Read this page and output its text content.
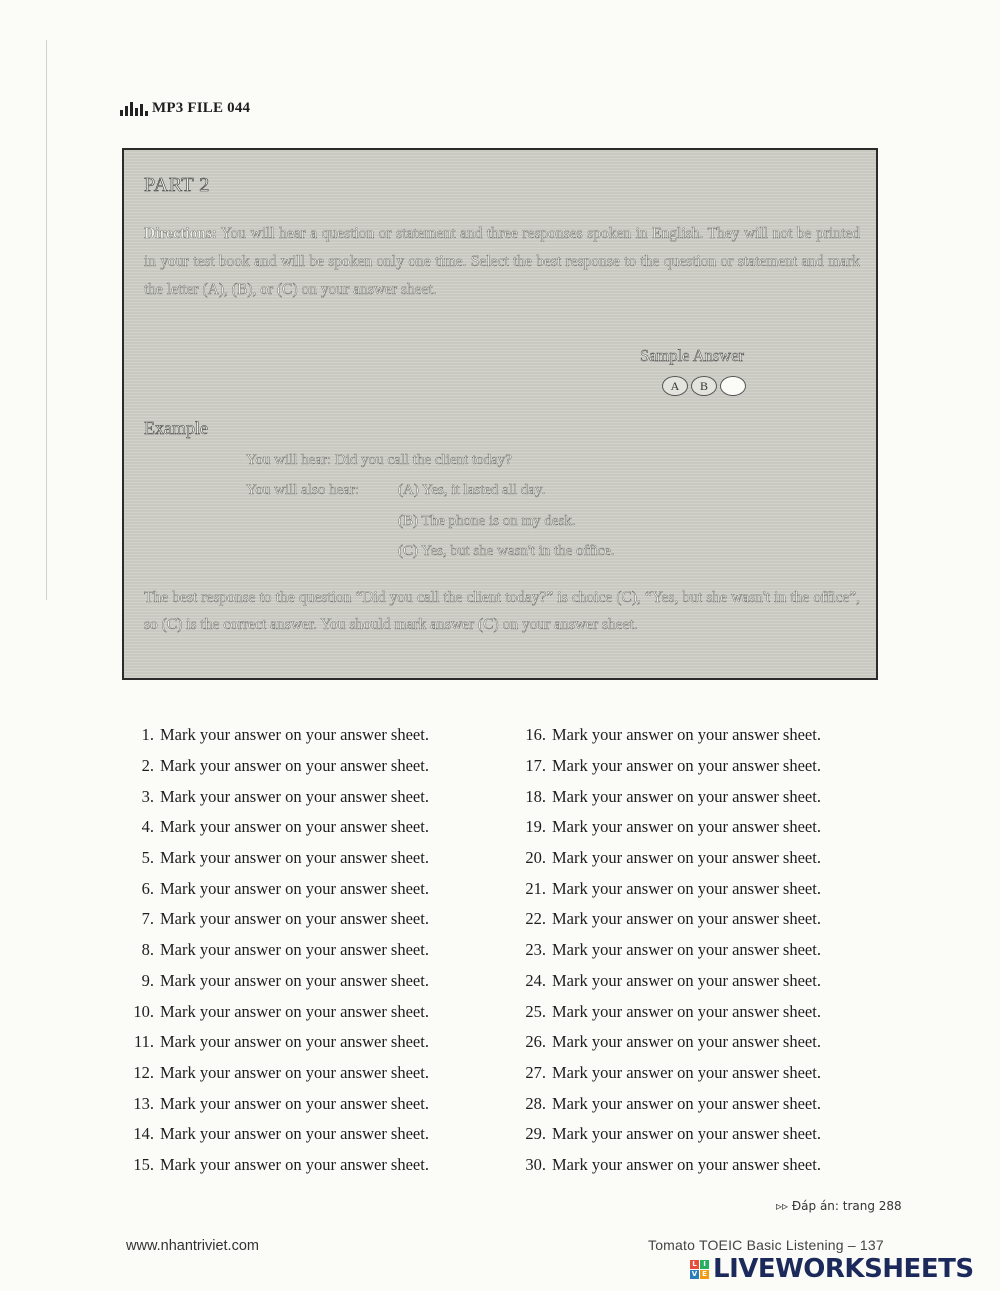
MP3 FILE 044
PART 2
Directions: You will hear a question or statement and three responses spoken in English. They will not be printed in your test book and will be spoken only one time. Select the best response to the question or statement and mark the letter (A), (B), or (C) on your answer sheet.
Sample Answer
A	B
Example
You will hear: Did you call the client today?
You will also hear:	(A) Yes, it lasted all day.
(B) The phone is on my desk.
(C) Yes, but she wasn't in the office.
The best response to the question “Did you call the client today?” is choice (C), “Yes, but she wasn't in the office”, so (C) is the correct answer. You should mark answer (C) on your answer sheet.
1. Mark your answer on your answer sheet.
2. Mark your answer on your answer sheet.
3. Mark your answer on your answer sheet.
4. Mark your answer on your answer sheet.
5. Mark your answer on your answer sheet.
6. Mark your answer on your answer sheet.
7. Mark your answer on your answer sheet.
8. Mark your answer on your answer sheet.
9. Mark your answer on your answer sheet.
10. Mark your answer on your answer sheet.
11. Mark your answer on your answer sheet.
12. Mark your answer on your answer sheet.
13. Mark your answer on your answer sheet.
14. Mark your answer on your answer sheet.
15. Mark your answer on your answer sheet.
16. Mark your answer on your answer sheet.
17. Mark your answer on your answer sheet.
18. Mark your answer on your answer sheet.
19. Mark your answer on your answer sheet.
20. Mark your answer on your answer sheet.
21. Mark your answer on your answer sheet.
22. Mark your answer on your answer sheet.
23. Mark your answer on your answer sheet.
24. Mark your answer on your answer sheet.
25. Mark your answer on your answer sheet.
26. Mark your answer on your answer sheet.
27. Mark your answer on your answer sheet.
28. Mark your answer on your answer sheet.
29. Mark your answer on your answer sheet.
30. Mark your answer on your answer sheet.
▹▹ Đáp án: trang 288
www.nhantriviet.com	Tomato TOEIC Basic Listening – 137
L I
V E LIVEWORKSHEETS
